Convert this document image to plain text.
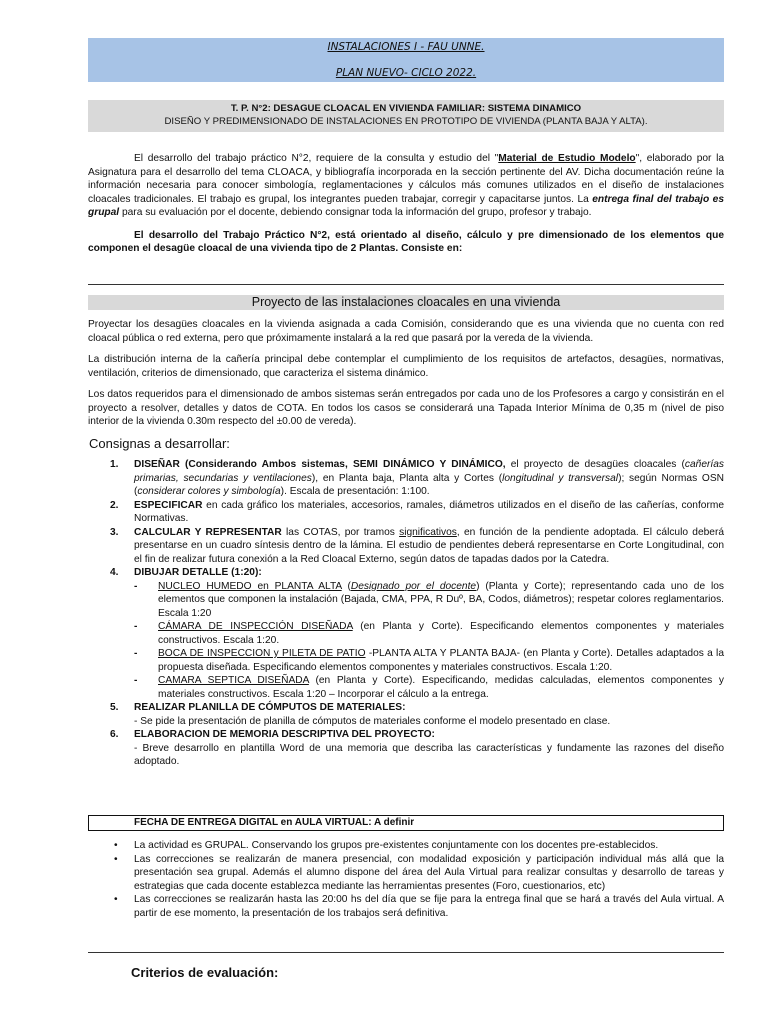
INSTALACIONES I - FAU UNNE.
PLAN NUEVO- CICLO 2022.
T. P. N°2: DESAGUE CLOACAL EN VIVIENDA FAMILIAR: SISTEMA DINAMICO
DISEÑO Y PREDIMENSIONADO DE INSTALACIONES EN PROTOTIPO DE VIVIENDA (PLANTA BAJA Y ALTA).

El desarrollo del trabajo práctico N°2, requiere de la consulta y estudio del "Material de Estudio Modelo", elaborado por la Asignatura para el desarrollo del tema CLOACA, y bibliografía incorporada en la sección pertinente del AV. Dicha documentación reúne la información necesaria para conocer simbología, reglamentaciones y cálculos más comunes utilizados en el diseño de instalaciones cloacales tradicionales. El trabajo es grupal, los integrantes pueden trabajar, corregir y capacitarse juntos. La entrega final del trabajo es grupal para su evaluación por el docente, debiendo consignar toda la información del grupo, profesor y trabajo.

El desarrollo del Trabajo Práctico N°2, está orientado al diseño, cálculo y pre dimensionado de los elementos que componen el desagüe cloacal de una vivienda tipo de 2 Plantas. Consiste en:

Proyecto de las instalaciones cloacales en una vivienda

Proyectar los desagües cloacales en la vivienda asignada a cada Comisión, considerando que es una vivienda que no cuenta con red cloacal pública o red externa, pero que próximamente instalará a la red que pasará por la vereda de la vivienda.

La distribución interna de la cañería principal debe contemplar el cumplimiento de los requisitos de artefactos, desagües, normativas, ventilación, criterios de dimensionado, que caracteriza el sistema dinámico.

Los datos requeridos para el dimensionado de ambos sistemas serán entregados por cada uno de los Profesores a cargo y consistirán en el proyecto a resolver, detalles y datos de COTA. En todos los casos se considerará una Tapada Interior Mínima de 0,35 m (nivel de piso interior de la vivienda 0.30m respecto del ±0.00 de vereda).

Consignas a desarrollar:
1. DISEÑAR (Considerando Ambos sistemas, SEMI DINÁMICO Y DINÁMICO, el proyecto de desagües cloacales (cañerías primarias, secundarias y ventilaciones), en Planta baja, Planta alta y Cortes (longitudinal y transversal); según Normas OSN (considerar colores y simbología). Escala de presentación: 1:100.
2. ESPECIFICAR en cada gráfico los materiales, accesorios, ramales, diámetros utilizados en el diseño de las cañerías, conforme Normativas.
3. CALCULAR Y REPRESENTAR las COTAS, por tramos significativos, en función de la pendiente adoptada. El cálculo deberá presentarse en un cuadro síntesis dentro de la lámina. El estudio de pendientes deberá representarse en Corte Longitudinal, con el fin de realizar futura conexión a la Red Cloacal Externo, según datos de tapadas dados por la Catedra.
4. DIBUJAR DETALLE (1:20):
- NUCLEO HUMEDO en PLANTA ALTA (Designado por el docente) (Planta y Corte); representando cada uno de los elementos que componen la instalación (Bajada, CMA, PPA, R Duº, BA, Codos, diámetros); respetar colores reglamentarios. Escala 1:20
- CÁMARA DE INSPECCIÓN DISEÑADA (en Planta y Corte). Especificando elementos componentes y materiales constructivos. Escala 1:20.
- BOCA DE INSPECCION y PILETA DE PATIO -PLANTA ALTA Y PLANTA BAJA- (en Planta y Corte). Detalles adaptados a la propuesta diseñada. Especificando elementos componentes y materiales constructivos. Escala 1:20.
- CAMARA SEPTICA DISEÑADA (en Planta y Corte). Especificando, medidas calculadas, elementos componentes y materiales constructivos. Escala 1:20 – Incorporar el cálculo a la entrega.
5. REALIZAR PLANILLA DE CÓMPUTOS DE MATERIALES:
- Se pide la presentación de planilla de cómputos de materiales conforme el modelo presentado en clase.
6. ELABORACION DE MEMORIA DESCRIPTIVA DEL PROYECTO:
- Breve desarrollo en plantilla Word de una memoria que describa las características y fundamente las razones del diseño adoptado.
FECHA DE ENTREGA DIGITAL en AULA VIRTUAL: A definir
• La actividad es GRUPAL. Conservando los grupos pre-existentes conjuntamente con los docentes pre-establecidos.
• Las correcciones se realizarán de manera presencial, con modalidad exposición y participación individual más allá que la presentación sea grupal. Además el alumno dispone del área del Aula Virtual para realizar consultas y desarrollo de tareas y estrategias que cada docente establezca mediante las herramientas presentes (Foro, cuestionarios, etc)
• Las correcciones se realizarán hasta las 20:00 hs del día que se fije para la entrega final que se hará a través del Aula virtual. A partir de ese momento, la presentación de los trabajos será definitiva.
Criterios de evaluación:
